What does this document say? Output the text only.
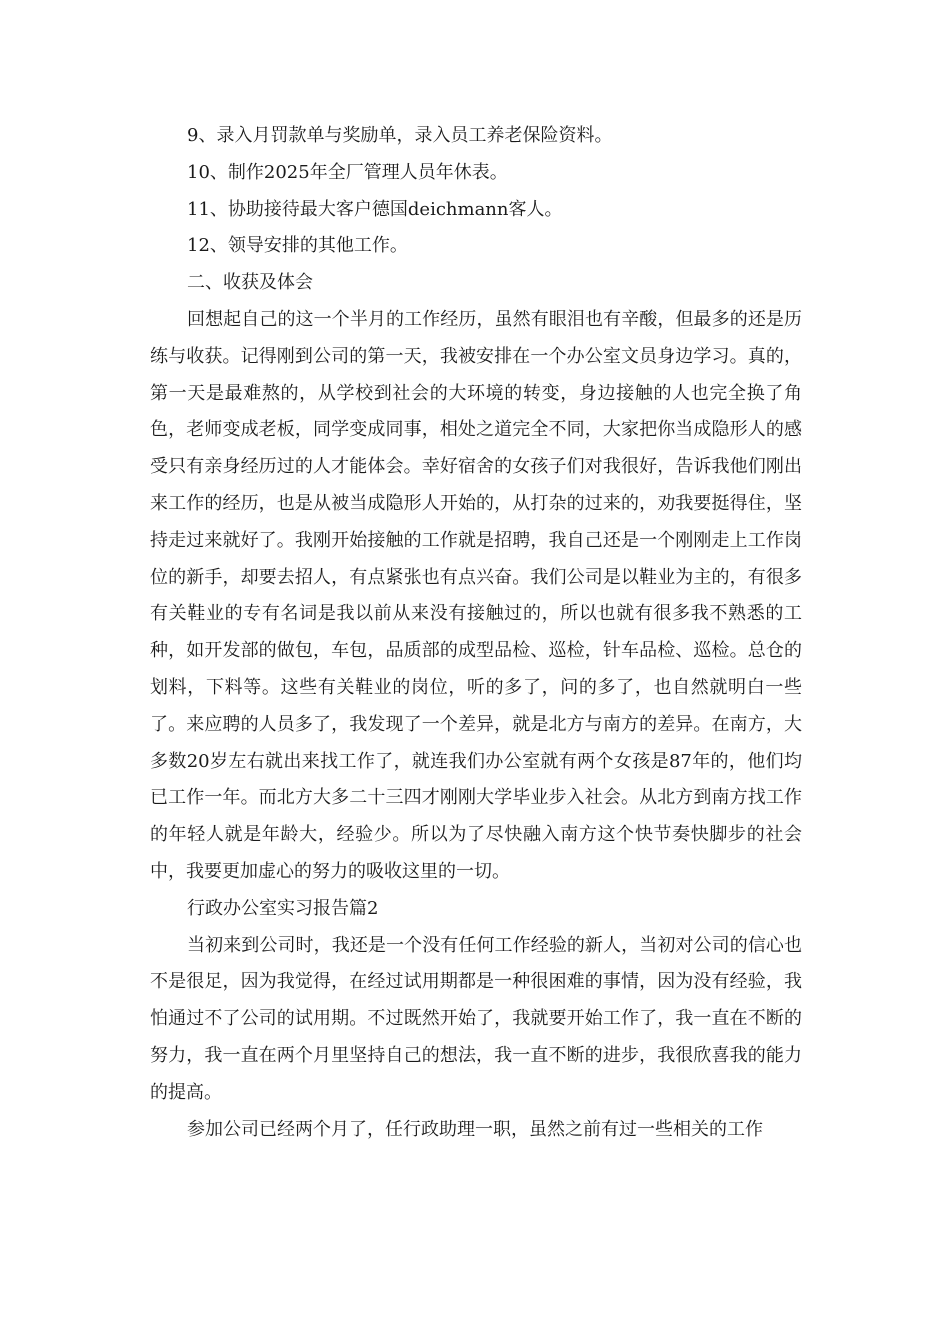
9、录入月罚款单与奖励单，录入员工养老保险资料。

10、制作2025年全厂管理人员年休表。

11、协助接待最大客户德国deichmann客人。

12、领导安排的其他工作。

二、收获及体会

回想起自己的这一个半月的工作经历，虽然有眼泪也有辛酸，但最多的还是历练与收获。记得刚到公司的第一天，我被安排在一个办公室文员身边学习。真的，第一天是最难熬的，从学校到社会的大环境的转变，身边接触的人也完全换了角色，老师变成老板，同学变成同事，相处之道完全不同，大家把你当成隐形人的感受只有亲身经历过的人才能体会。幸好宿舍的女孩子们对我很好，告诉我他们刚出来工作的经历，也是从被当成隐形人开始的，从打杂的过来的，劝我要挺得住，坚持走过来就好了。我刚开始接触的工作就是招聘，我自己还是一个刚刚走上工作岗位的新手，却要去招人，有点紧张也有点兴奋。我们公司是以鞋业为主的，有很多有关鞋业的专有名词是我以前从来没有接触过的，所以也就有很多我不熟悉的工种，如开发部的做包，车包，品质部的成型品检、巡检，针车品检、巡检。总仓的划料，下料等。这些有关鞋业的岗位，听的多了，问的多了，也自然就明白一些了。来应聘的人员多了，我发现了一个差异，就是北方与南方的差异。在南方，大多数20岁左右就出来找工作了，就连我们办公室就有两个女孩是87年的，他们均已工作一年。而北方大多二十三四才刚刚大学毕业步入社会。从北方到南方找工作的年轻人就是年龄大，经验少。所以为了尽快融入南方这个快节奏快脚步的社会中，我要更加虚心的努力的吸收这里的一切。

行政办公室实习报告篇2

当初来到公司时，我还是一个没有任何工作经验的新人，当初对公司的信心也不是很足，因为我觉得，在经过试用期都是一种很困难的事情，因为没有经验，我怕通过不了公司的试用期。不过既然开始了，我就要开始工作了，我一直在不断的努力，我一直在两个月里坚持自己的想法，我一直不断的进步，我很欣喜我的能力的提高。

参加公司已经两个月了，任行政助理一职，虽然之前有过一些相关的工作
